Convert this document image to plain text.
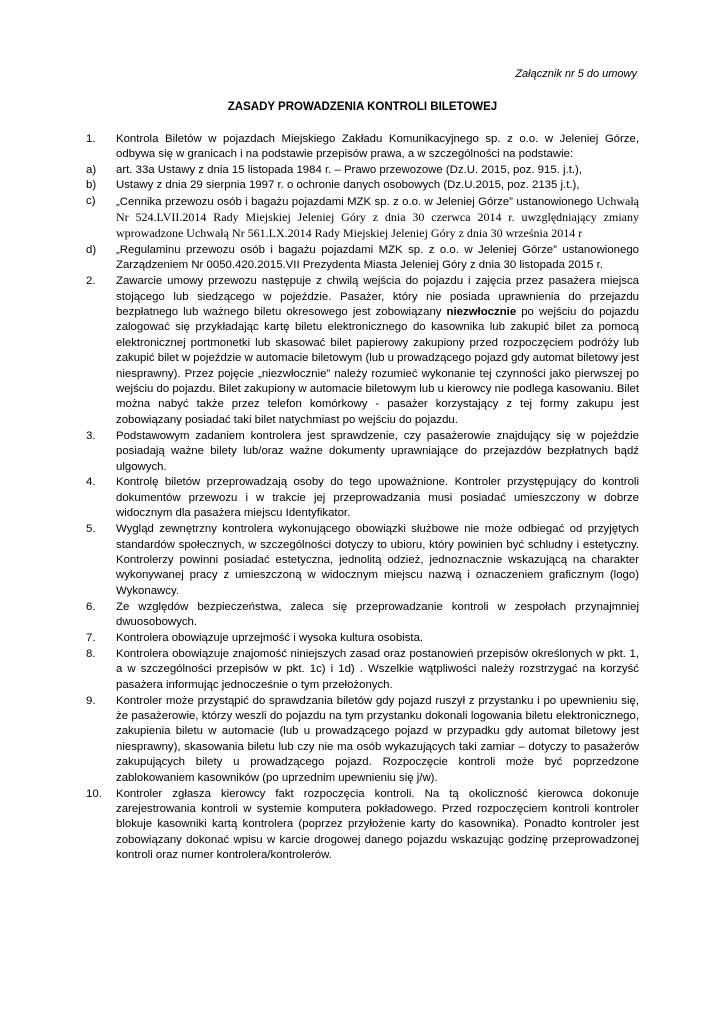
Załącznik nr 5 do umowy
ZASADY PROWADZENIA KONTROLI BILETOWEJ
1. Kontrola Biletów w pojazdach Miejskiego Zakładu Komunikacyjnego sp. z o.o. w Jeleniej Górze, odbywa się w granicach i na podstawie przepisów prawa, a w szczególności na podstawie:
a) art. 33a Ustawy z dnia 15 listopada 1984 r. – Prawo przewozowe (Dz.U. 2015, poz. 915. j.t.),
b) Ustawy z dnia 29 sierpnia 1997 r. o ochronie danych osobowych (Dz.U.2015, poz. 2135 j.t.),
c) „Cennika przewozu osób i bagażu pojazdami MZK sp. z o.o. w Jeleniej Górze” ustanowionego Uchwałą Nr 524.LVII.2014 Rady Miejskiej Jeleniej Góry z dnia 30 czerwca 2014 r. uwzględniający zmiany wprowadzone Uchwałą Nr 561.LX.2014 Rady Miejskiej Jeleniej Góry z dnia 30 września 2014 r
d) „Regulaminu przewozu osób i bagażu pojazdami MZK sp. z o.o. w Jeleniej Górze” ustanowionego Zarządzeniem Nr 0050.420.2015.VII Prezydenta Miasta Jeleniej Góry z dnia 30 listopada 2015 r.
2. Zawarcie umowy przewozu następuje z chwilą wejścia do pojazdu i zajęcia przez pasażera miejsca stojącego lub siedzącego w pojeździe. Pasażer, który nie posiada uprawnienia do przejazdu bezpłatnego lub ważnego biletu okresowego jest zobowiązany niezwłocznie po wejściu do pojazdu zalogować się przykładając kartę biletu elektronicznego do kasownika lub zakupić bilet za pomocą elektronicznej portmonetki lub skasować bilet papierowy zakupiony przed rozpoczęciem podróży lub zakupić bilet w pojeździe w automacie biletowym (lub u prowadzącego pojazd gdy automat biletowy jest niesprawny). Przez pojęcie „niezwłocznie” należy rozumieć wykonanie tej czynności jako pierwszej po wejściu do pojazdu. Bilet zakupiony w automacie biletowym lub u kierowcy nie podlega kasowaniu. Bilet można nabyć także przez telefon komórkowy - pasażer korzystający z tej formy zakupu jest zobowiązany posiadać taki bilet natychmiast po wejściu do pojazdu.
3. Podstawowym zadaniem kontrolera jest sprawdzenie, czy pasażerowie znajdujący się w pojeździe posiadają ważne bilety lub/oraz ważne dokumenty uprawniające do przejazdów bezpłatnych bądź ulgowych.
4. Kontrolę biletów przeprowadzają osoby do tego upoważnione. Kontroler przystępujący do kontroli dokumentów przewozu i w trakcie jej przeprowadzania musi posiadać umieszczony w dobrze widocznym dla pasażera miejscu Identyfikator.
5. Wygląd zewnętrzny kontrolera wykonującego obowiązki służbowe nie może odbiegać od przyjętych standardów społecznych, w szczególności dotyczy to ubioru, który powinien być schludny i estetyczny. Kontrolerzy powinni posiadać estetyczna, jednolitą odzież, jednoznacznie wskazującą na charakter wykonywanej pracy z umieszczoną w widocznym miejscu nazwą i oznaczeniem graficznym (logo) Wykonawcy.
6. Ze względów bezpieczeństwa, zaleca się przeprowadzanie kontroli w zespołach przynajmniej dwuosobowych.
7. Kontrolera obowiązuje uprzejmość i wysoka kultura osobista.
8. Kontrolera obowiązuje znajomość niniejszych zasad oraz postanowień przepisów określonych w pkt. 1, a w szczególności przepisów w pkt. 1c) i 1d) . Wszelkie wątpliwości należy rozstrzygać na korzyść pasażera informując jednocześnie o tym przełożonych.
9. Kontroler może przystąpić do sprawdzania biletów gdy pojazd ruszył z przystanku i po upewnieniu się, że pasażerowie, którzy weszli do pojazdu na tym przystanku dokonali logowania biletu elektronicznego, zakupienia biletu w automacie (lub u prowadzącego pojazd w przypadku gdy automat biletowy jest niesprawny), skasowania biletu lub czy nie ma osób wykazujących taki zamiar – dotyczy to pasażerów zakupujących bilety u prowadzącego pojazd. Rozpoczęcie kontroli może być poprzedzone zablokowaniem kasowników (po uprzednim upewnieniu się j/w).
10. Kontroler zgłasza kierowcy fakt rozpoczęcia kontroli. Na tą okoliczność kierowca dokonuje zarejestrowania kontroli w systemie komputera pokładowego. Przed rozpoczęciem kontroli kontroler blokuje kasowniki kartą kontrolera (poprzez przyłożenie karty do kasownika). Ponadto kontroler jest zobowiązany dokonać wpisu w karcie drogowej danego pojazdu wskazując godzinę przeprowadzonej kontroli oraz numer kontrolera/kontrolerów.
